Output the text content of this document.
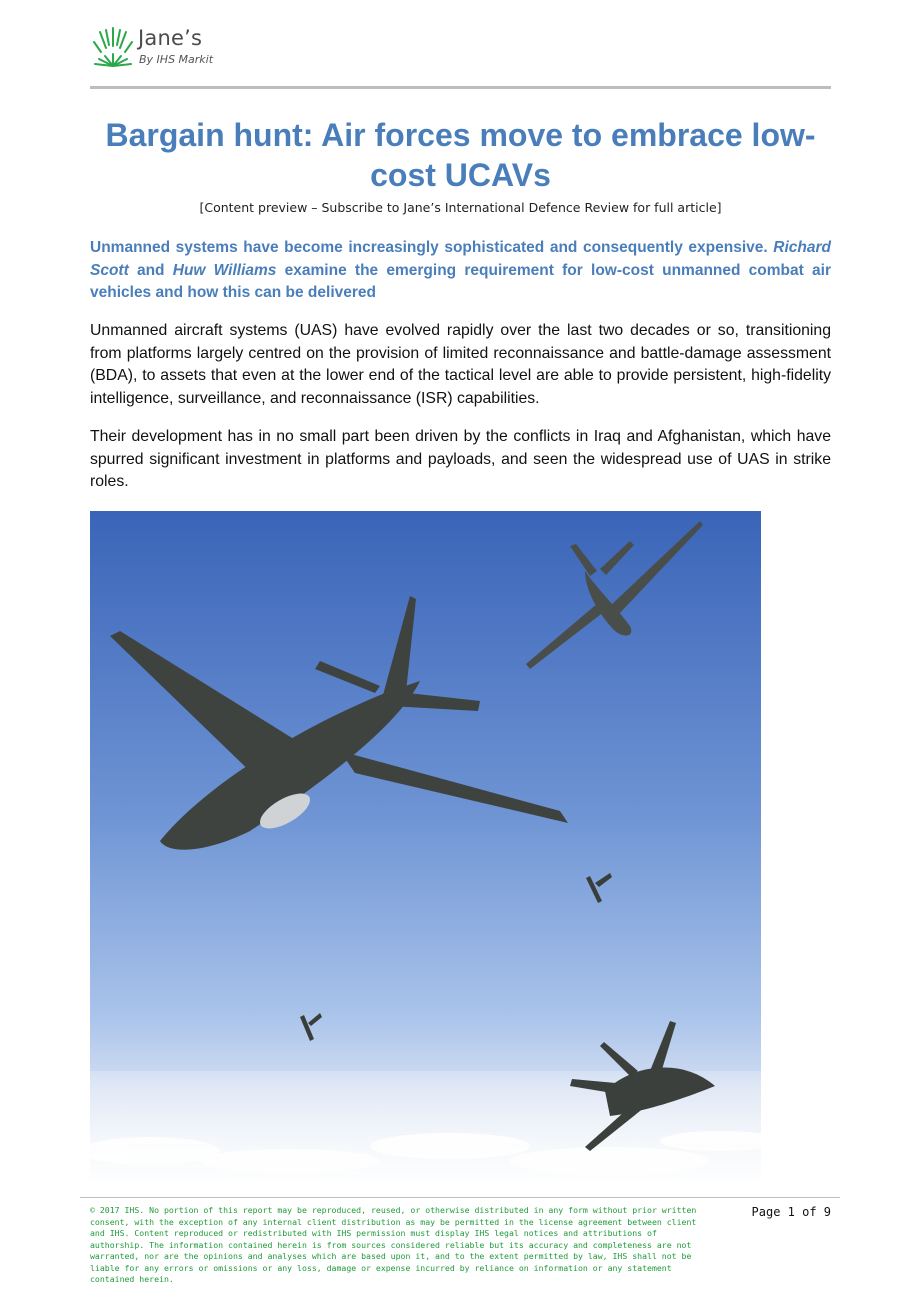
Jane’s
By IHS Markit
Bargain hunt: Air forces move to embrace low-cost UCAVs
[Content preview – Subscribe to Jane’s International Defence Review for full article]

Unmanned systems have become increasingly sophisticated and consequently expensive. Richard Scott and Huw Williams examine the emerging requirement for low-cost unmanned combat air vehicles and how this can be delivered

Unmanned aircraft systems (UAS) have evolved rapidly over the last two decades or so, transitioning from platforms largely centred on the provision of limited reconnaissance and battle-damage assessment (BDA), to assets that even at the lower end of the tactical level are able to provide persistent, high-fidelity intelligence, surveillance, and reconnaissance (ISR) capabilities.

Their development has in no small part been driven by the conflicts in Iraq and Afghanistan, which have spurred significant investment in platforms and payloads, and seen the widespread use of UAS in strike roles.

© 2017 IHS. No portion of this report may be reproduced, reused, or otherwise distributed in any form without prior written consent, with the exception of any internal client distribution as may be permitted in the license agreement between client and IHS. Content reproduced or redistributed with IHS permission must display IHS legal notices and attributions of authorship. The information contained herein is from sources considered reliable but its accuracy and completeness are not warranted, nor are the opinions and analyses which are based upon it, and to the extent permitted by law, IHS shall not be liable for any errors or omissions or any loss, damage or expense incurred by reliance on information or any statement contained herein.

Page 1 of 9
